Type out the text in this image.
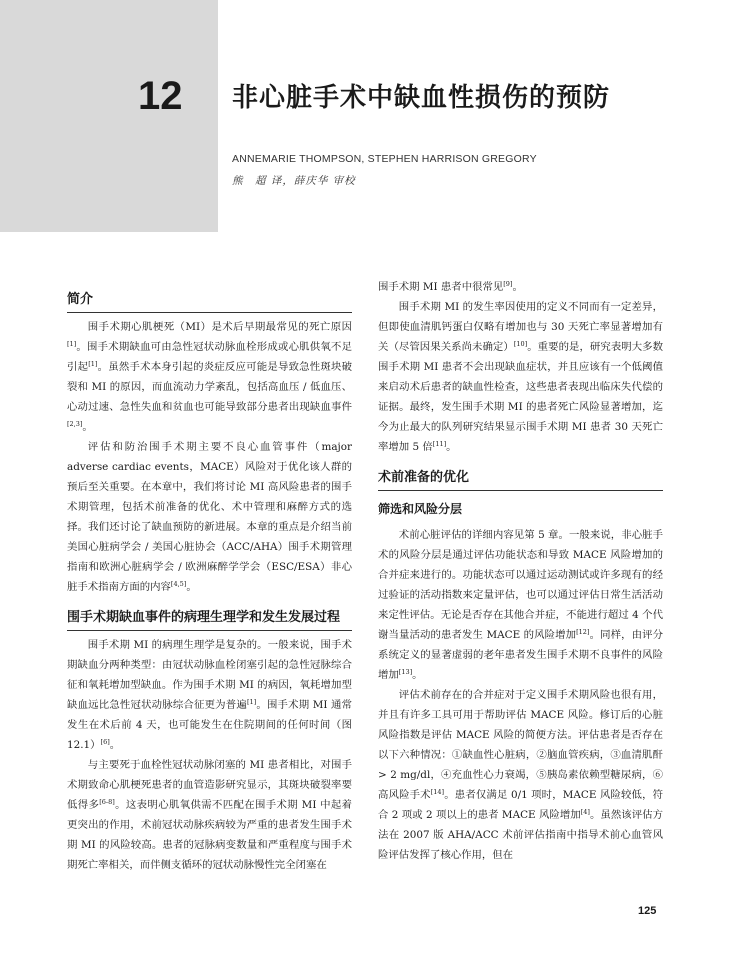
12 非心脏手术中缺血性损伤的预防
ANNEMARIE THOMPSON, STEPHEN HARRISON GREGORY
熊　超 译，薛庆华 审校
简介

围手术期心肌梗死（MI）是术后早期最常见的死亡原因[1]。围手术期缺血可由急性冠状动脉血栓形成或心肌供氧不足引起[1]。虽然手术本身引起的炎症反应可能是导致急性斑块破裂和 MI 的原因，而血流动力学紊乱，包括高血压 / 低血压、心动过速、急性失血和贫血也可能导致部分患者出现缺血事件[2,3]。

评估和防治围手术期主要不良心血管事件（major adverse cardiac events，MACE）风险对于优化该人群的预后至关重要。在本章中，我们将讨论 MI 高风险患者的围手术期管理，包括术前准备的优化、术中管理和麻醉方式的选择。我们还讨论了缺血预防的新进展。本章的重点是介绍当前美国心脏病学会 / 美国心脏协会（ACC/AHA）围手术期管理指南和欧洲心脏病学会 / 欧洲麻醉学学会（ESC/ESA）非心脏手术指南方面的内容[4,5]。

围手术期缺血事件的病理生理学和发生发展过程

围手术期 MI 的病理生理学是复杂的。一般来说，围手术期缺血分两种类型：由冠状动脉血栓闭塞引起的急性冠脉综合征和氧耗增加型缺血。作为围手术期 MI 的病因，氧耗增加型缺血远比急性冠状动脉综合征更为普遍[1]。围手术期 MI 通常发生在术后前 4 天，也可能发生在住院期间的任何时间（图 12.1）[6]。

与主要死于血栓性冠状动脉闭塞的 MI 患者相比，对围手术期致命心肌梗死患者的血管造影研究显示，其斑块破裂率要低得多[6-8]。这表明心肌氧供需不匹配在围手术期 MI 中起着更突出的作用，术前冠状动脉疾病较为严重的患者发生围手术期 MI 的风险较高。患者的冠脉病变数量和严重程度与围手术期死亡率相关，而伴侧支循环的冠状动脉慢性完全闭塞在

围手术期 MI 患者中很常见[9]。

围手术期 MI 的发生率因使用的定义不同而有一定差异，但即使血清肌钙蛋白仅略有增加也与 30 天死亡率显著增加有关（尽管因果关系尚未确定）[10]。重要的是，研究表明大多数围手术期 MI 患者不会出现缺血症状，并且应该有一个低阈值来启动术后患者的缺血性检查，这些患者表现出临床失代偿的证据。最终，发生围手术期 MI 的患者死亡风险显著增加，迄今为止最大的队列研究结果显示围手术期 MI 患者 30 天死亡率增加 5 倍[11]。

术前准备的优化
筛选和风险分层

术前心脏评估的详细内容见第 5 章。一般来说，非心脏手术的风险分层是通过评估功能状态和导致 MACE 风险增加的合并症来进行的。功能状态可以通过运动测试或许多现有的经过验证的活动指数来定量评估，也可以通过评估日常生活活动来定性评估。无论是否存在其他合并症，不能进行超过 4 个代谢当量活动的患者发生 MACE 的风险增加[12]。同样，由评分系统定义的显著虚弱的老年患者发生围手术期不良事件的风险增加[13]。

评估术前存在的合并症对于定义围手术期风险也很有用，并且有许多工具可用于帮助评估 MACE 风险。修订后的心脏风险指数是评估 MACE 风险的简便方法。评估患者是否存在以下六种情况：①缺血性心脏病，②脑血管疾病，③血清肌酐 > 2 mg/dl，④充血性心力衰竭，⑤胰岛素依赖型糖尿病，⑥高风险手术[14]。患者仅满足 0/1 项时，MACE 风险较低，符合 2 项或 2 项以上的患者 MACE 风险增加[4]。虽然该评估方法在 2007 版 AHA/ACC 术前评估指南中指导术前心血管风险评估发挥了核心作用，但在

125
